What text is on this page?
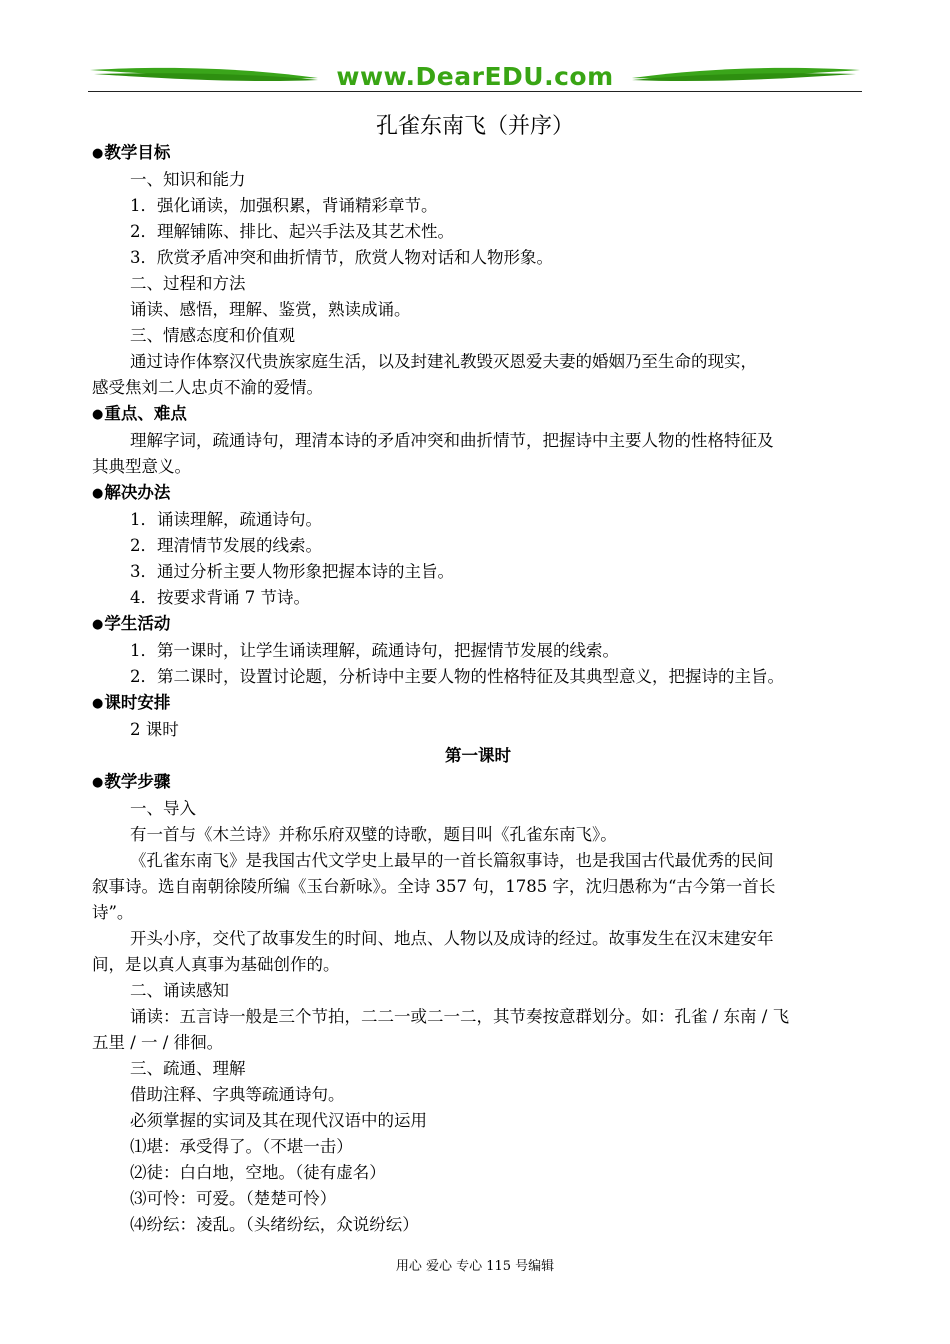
www.DearEDU.com
孔雀东南飞（并序）
●教学目标
一、知识和能力
1．强化诵读，加强积累，背诵精彩章节。
2．理解铺陈、排比、起兴手法及其艺术性。
3．欣赏矛盾冲突和曲折情节，欣赏人物对话和人物形象。
二、过程和方法
诵读、感悟，理解、鉴赏，熟读成诵。
三、情感态度和价值观
通过诗作体察汉代贵族家庭生活，以及封建礼教毁灭恩爱夫妻的婚姻乃至生命的现实，
感受焦刘二人忠贞不渝的爱情。
●重点、难点
理解字词，疏通诗句，理清本诗的矛盾冲突和曲折情节，把握诗中主要人物的性格特征及
其典型意义。
●解决办法
1．诵读理解，疏通诗句。
2．理清情节发展的线索。
3．通过分析主要人物形象把握本诗的主旨。
4．按要求背诵 7 节诗。
●学生活动
1．第一课时，让学生诵读理解，疏通诗句，把握情节发展的线索。
2．第二课时，设置讨论题，分析诗中主要人物的性格特征及其典型意义，把握诗的主旨。
●课时安排
2 课时
第一课时
●教学步骤
一、导入
有一首与《木兰诗》并称乐府双璧的诗歌，题目叫《孔雀东南飞》。
《孔雀东南飞》是我国古代文学史上最早的一首长篇叙事诗，也是我国古代最优秀的民间
叙事诗。选自南朝徐陵所编《玉台新咏》。全诗 357 句，1785 字，沈归愚称为“古今第一首长
诗”。
开头小序，交代了故事发生的时间、地点、人物以及成诗的经过。故事发生在汉末建安年
间，是以真人真事为基础创作的。
二、诵读感知
诵读：五言诗一般是三个节拍，二二一或二一二，其节奏按意群划分。如：孔雀 / 东南 / 飞
五里 / 一 / 徘徊。
三、疏通、理解
借助注释、字典等疏通诗句。
必须掌握的实词及其在现代汉语中的运用
⑴堪：承受得了。（不堪一击）
⑵徒：白白地，空地。（徒有虚名）
⑶可怜：可爱。（楚楚可怜）
⑷纷纭：凌乱。（头绪纷纭，众说纷纭）
用心 爱心 专心 115 号编辑
